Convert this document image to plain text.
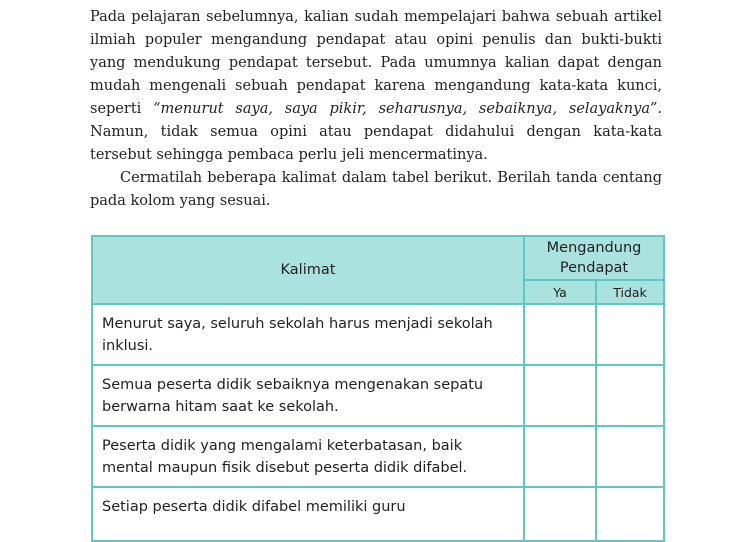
Pada pelajaran sebelumnya, kalian sudah mempelajari bahwa sebuah artikel ilmiah populer mengandung pendapat atau opini penulis dan bukti-bukti yang mendukung pendapat tersebut. Pada umumnya kalian dapat dengan mudah mengenali sebuah pendapat karena mengandung kata-kata kunci, seperti “menurut saya, saya pikir, seharusnya, sebaiknya, selayaknya”. Namun, tidak semua opini atau pendapat didahului dengan kata-kata tersebut sehingga pembaca perlu jeli mencermatinya.

Cermatilah beberapa kalimat dalam tabel berikut. Berilah tanda centang pada kolom yang sesuai.

Kalimat	Mengandung Pendapat	
	Ya	Tidak
Menurut saya, seluruh sekolah harus menjadi sekolah inklusi.		
Semua peserta didik sebaiknya mengenakan sepatu berwarna hitam saat ke sekolah.		
Peserta didik yang mengalami keterbatasan, baik mental maupun fisik disebut peserta didik difabel.		
Setiap peserta didik difabel memiliki guru		
